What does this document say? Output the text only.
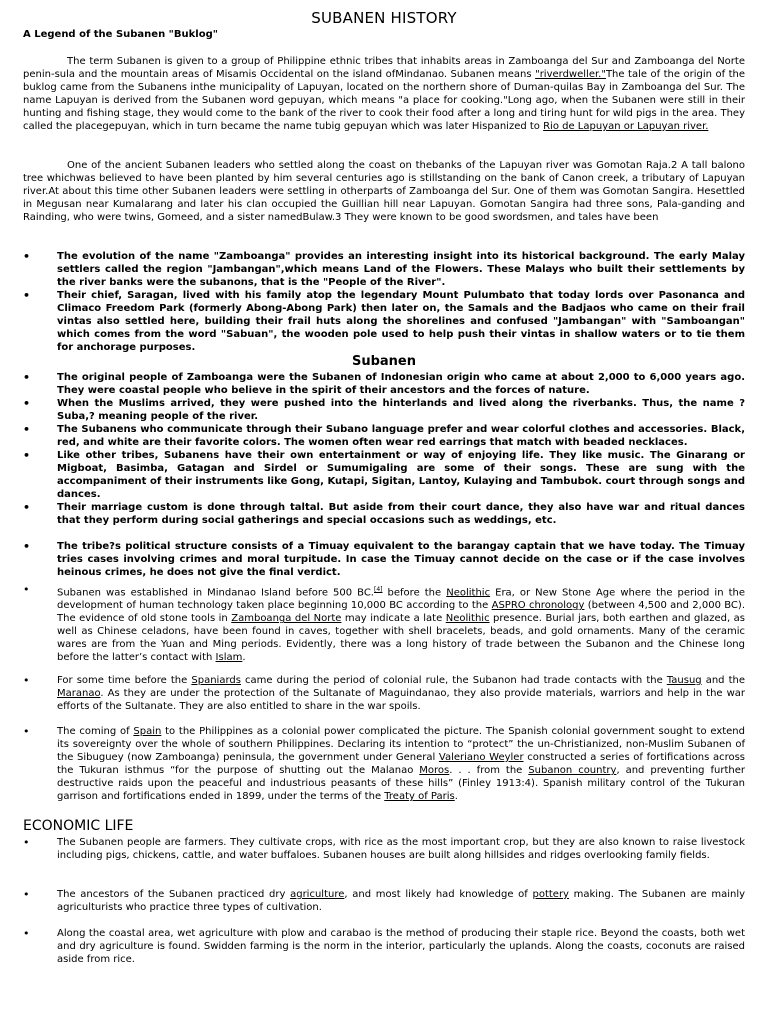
SUBANEN HISTORY
A Legend of the Subanen "Buklog"

The term Subanen is given to a group of Philippine ethnic tribes that inhabits areas in Zamboanga del Sur and Zamboanga del Norte penin-sula and the mountain areas of Misamis Occidental on the island ofMindanao. Subanen means "riverdweller."The tale of the origin of the buklog came from the Subanens inthe municipality of Lapuyan, located on the northern shore of Duman-quilas Bay in Zamboanga del Sur. The name Lapuyan is derived from the Subanen word gepuyan, which means "a place for cooking."Long ago, when the Subanen were still in their hunting and fishing stage, they would come to the bank of the river to cook their food after a long and tiring hunt for wild pigs in the area. They called the placegepuyan, which in turn became the name tubig gepuyan which was later Hispanized to Rio de Lapuyan or Lapuyan river.

One of the ancient Subanen leaders who settled along the coast on thebanks of the Lapuyan river was Gomotan Raja.2 A tall balono tree whichwas believed to have been planted by him several centuries ago is stillstanding on the bank of Canon creek, a tributary of Lapuyan river.At about this time other Subanen leaders were settling in otherparts of Zamboanga del Sur. One of them was Gomotan Sangira. Hesettled in Megusan near Kumalarang and later his clan occupied the Guillian hill near Lapuyan. Gomotan Sangira had three sons, Pala-ganding and Rainding, who were twins, Gomeed, and a sister namedBulaw.3 They were known to be good swordsmen, and tales have been

• The evolution of the name "Zamboanga" provides an interesting insight into its historical background. The early Malay settlers called the region "Jambangan",which means Land of the Flowers. These Malays who built their settlements by the river banks were the subanons, that is the "People of the River".
• Their chief, Saragan, lived with his family atop the legendary Mount Pulumbato that today lords over Pasonanca and Climaco Freedom Park (formerly Abong-Abong Park) then later on, the Samals and the Badjaos who came on their frail vintas also settled here, building their frail huts along the shorelines and confused "Jambangan" with "Samboangan" which comes from the word "Sabuan", the wooden pole used to help push their vintas in shallow waters or to tie them for anchorage purposes.
Subanen
• The original people of Zamboanga were the Subanen of Indonesian origin who came at about 2,000 to 6,000 years ago. They were coastal people who believe in the spirit of their ancestors and the forces of nature.
• When the Muslims arrived, they were pushed into the hinterlands and lived along the riverbanks. Thus, the name ?Suba,? meaning people of the river.
• The Subanens who communicate through their Subano language prefer and wear colorful clothes and accessories. Black, red, and white are their favorite colors. The women often wear red earrings that match with beaded necklaces.
• Like other tribes, Subanens have their own entertainment or way of enjoying life. They like music. The Ginarang or Migboat, Basimba, Gatagan and Sirdel or Sumumigaling are some of their songs. These are sung with the accompaniment of their instruments like Gong, Kutapi, Sigitan, Lantoy, Kulaying and Tambubok. court through songs and dances.
• Their marriage custom is done through taltal. But aside from their court dance, they also have war and ritual dances that they perform during social gatherings and special occasions such as weddings, etc.
• The tribe?s political structure consists of a Timuay equivalent to the barangay captain that we have today. The Timuay tries cases involving crimes and moral turpitude. In case the Timuay cannot decide on the case or if the case involves heinous crimes, he does not give the final verdict.
• Subanen was established in Mindanao Island before 500 BC.[4] before the Neolithic Era, or New Stone Age where the period in the development of human technology taken place beginning 10,000 BC according to the ASPRO chronology (between 4,500 and 2,000 BC). The evidence of old stone tools in Zamboanga del Norte may indicate a late Neolithic presence. Burial jars, both earthen and glazed, as well as Chinese celadons, have been found in caves, together with shell bracelets, beads, and gold ornaments. Many of the ceramic wares are from the Yuan and Ming periods. Evidently, there was a long history of trade between the Subanon and the Chinese long before the latter’s contact with Islam.
• For some time before the Spaniards came during the period of colonial rule, the Subanon had trade contacts with the Tausug and the Maranao. As they are under the protection of the Sultanate of Maguindanao, they also provide materials, warriors and help in the war efforts of the Sultanate. They are also entitled to share in the war spoils.
• The coming of Spain to the Philippines as a colonial power complicated the picture. The Spanish colonial government sought to extend its sovereignty over the whole of southern Philippines. Declaring its intention to “protect” the un-Christianized, non-Muslim Subanen of the Sibuguey (now Zamboanga) peninsula, the government under General Valeriano Weyler constructed a series of fortifications across the Tukuran isthmus “for the purpose of shutting out the Malanao Moros. . . from the Subanon country, and preventing further destructive raids upon the peaceful and industrious peasants of these hills” (Finley 1913:4). Spanish military control of the Tukuran garrison and fortifications ended in 1899, under the terms of the Treaty of Paris.
ECONOMIC LIFE
• The Subanen people are farmers. They cultivate crops, with rice as the most important crop, but they are also known to raise livestock including pigs, chickens, cattle, and water buffaloes. Subanen houses are built along hillsides and ridges overlooking family fields.
• The ancestors of the Subanen practiced dry agriculture, and most likely had knowledge of pottery making. The Subanen are mainly agriculturists who practice three types of cultivation.
• Along the coastal area, wet agriculture with plow and carabao is the method of producing their staple rice. Beyond the coasts, both wet and dry agriculture is found. Swidden farming is the norm in the interior, particularly the uplands. Along the coasts, coconuts are raised aside from rice.
